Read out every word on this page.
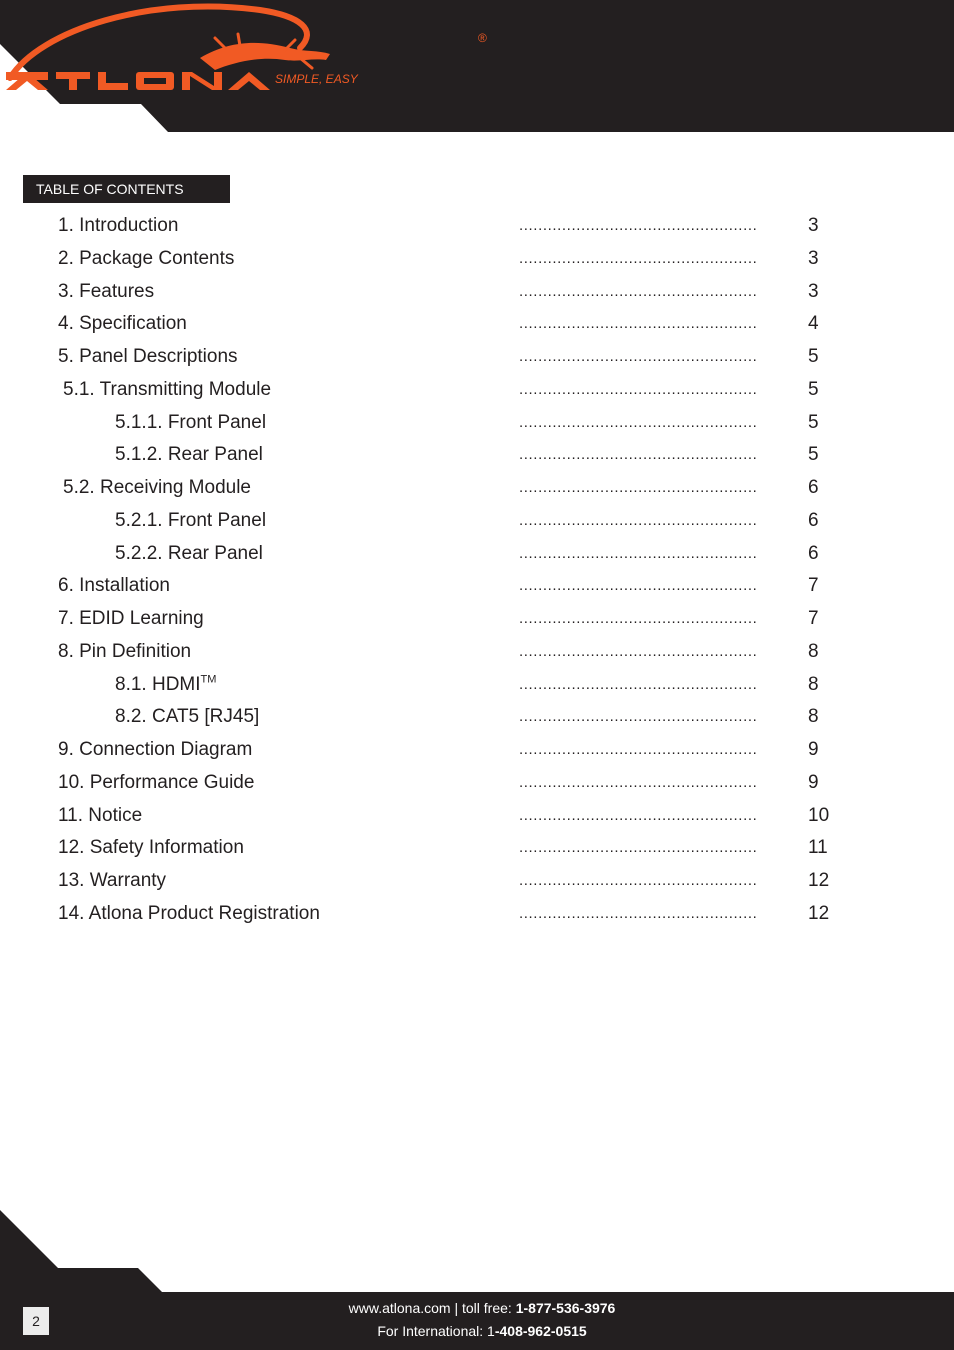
SIMPLE, EASY
®
TABLE OF CONTENTS
1. Introduction	..................................................	3
2. Package Contents	..................................................	3
3. Features	..................................................	3
4. Specification	..................................................	4
5. Panel Descriptions	..................................................	5
5.1. Transmitting Module	..................................................	5
5.1.1. Front Panel	..................................................	5
5.1.2. Rear Panel	..................................................	5
5.2. Receiving Module	..................................................	6
5.2.1. Front Panel	..................................................	6
5.2.2. Rear Panel	..................................................	6
6. Installation	..................................................	7
7. EDID Learning	..................................................	7
8. Pin Definition	..................................................	8
8.1. HDMI™	..................................................	8
8.2. CAT5 [RJ45]	..................................................	8
9. Connection Diagram	..................................................	9
10. Performance Guide	..................................................	9
11. Notice	..................................................	10
12. Safety Information	..................................................	11
13. Warranty	..................................................	12
14. Atlona Product Registration	..................................................	12
2
www.atlona.com | toll free: 1-877-536-3976
For International: 1-408-962-0515
